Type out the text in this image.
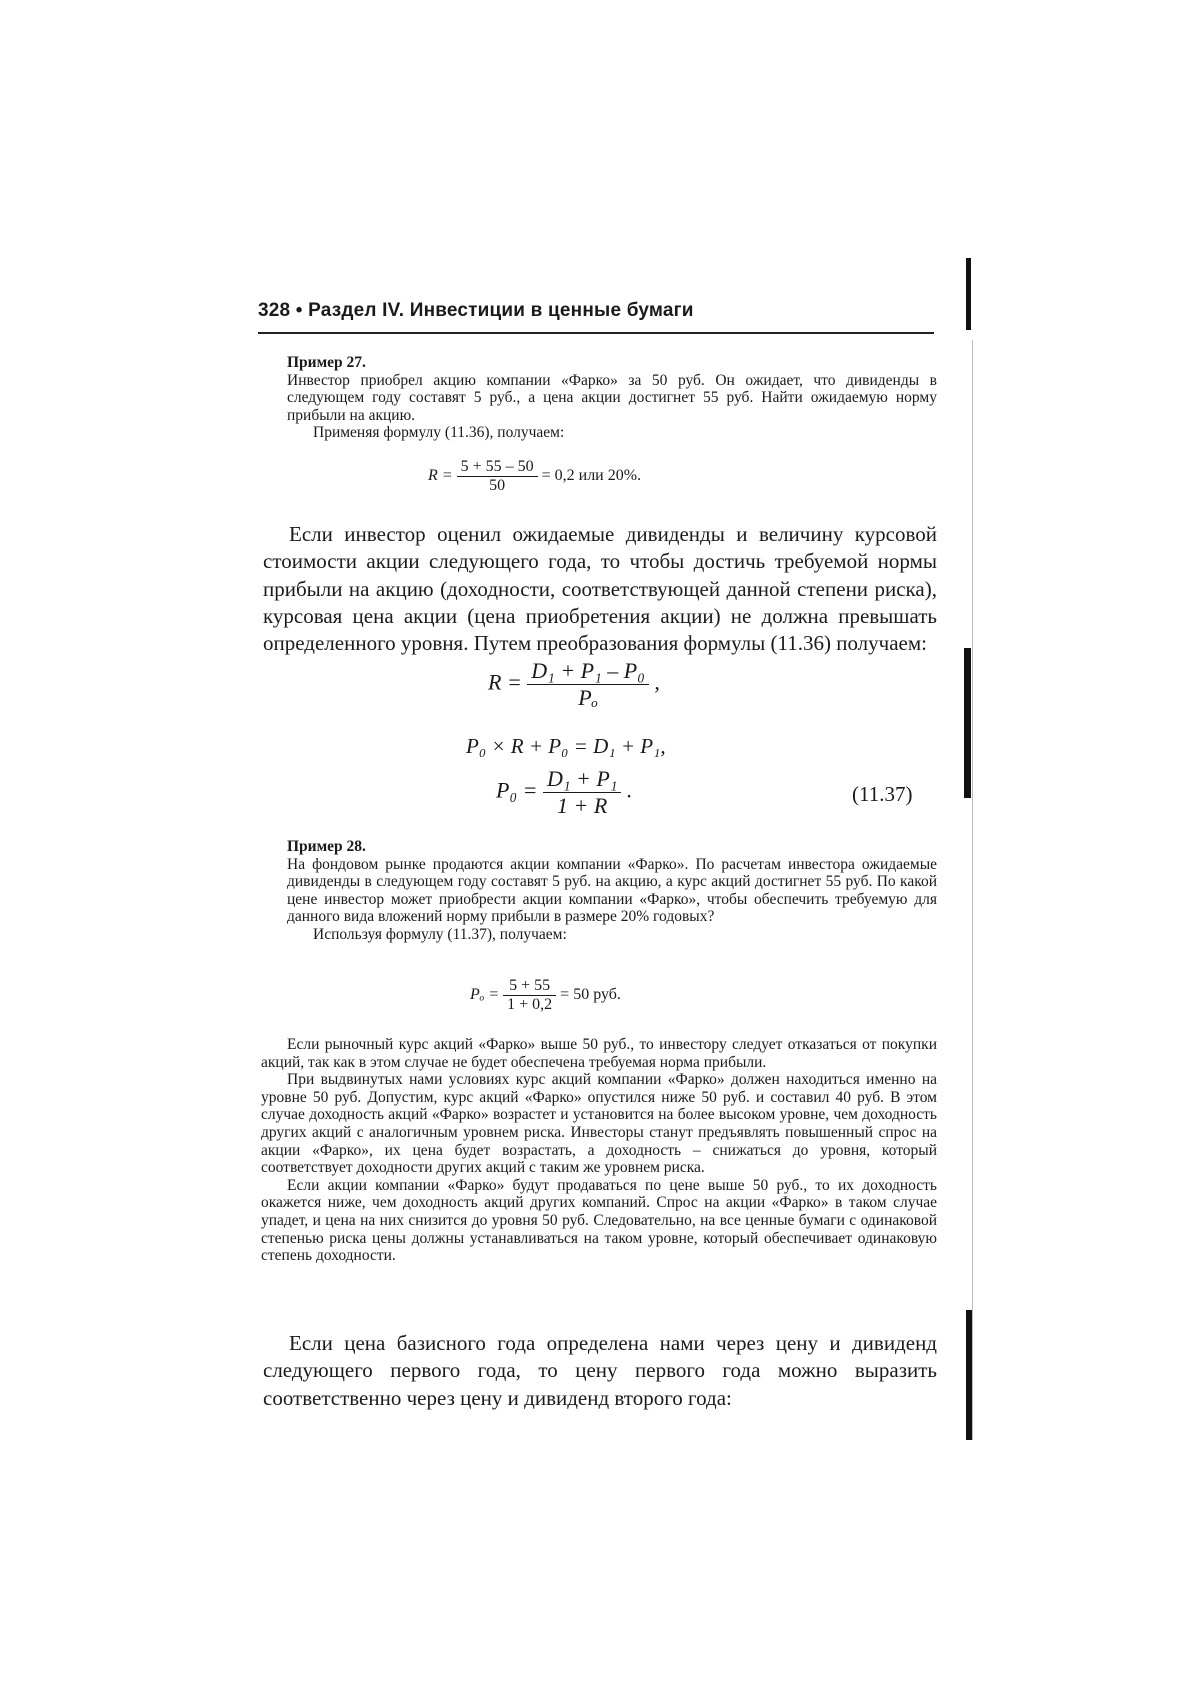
328 • Раздел IV. Инвестиции в ценные бумаги

Пример 27.

Инвестор приобрел акцию компании «Фарко» за 50 руб. Он ожидает, что дивиденды в следующем году составят 5 руб., а цена акции достигнет 55 руб. Найти ожидаемую норму прибыли на акцию.

Применяя формулу (11.36), получаем:

$R = \frac{5 + 55 - 50}{50} = 0,2$ или 20%.

Если инвестор оценил ожидаемые дивиденды и величину курсовой стоимости акции следующего года, то чтобы достичь требуемой нормы прибыли на акцию (доходности, соответствующей данной степени риска), курсовая цена акции (цена приобретения акции) не должна превышать определенного уровня. Путем преобразования формулы (11.36) получаем:

$R = \frac{\text{D₁ + P₁ – P₀}}{\text{Pₒ}}$ ,
P₀ × R + P₀ = D₁ + P₁,
$P_0 = \frac{\text{D₁ + P₁}}{1 + R}$ .	(11.37)

Пример 28.

На фондовом рынке продаются акции компании «Фарко». По расчетам инвестора ожидаемые дивиденды в следующем году составят 5 руб. на акцию, а курс акций достигнет 55 руб. По какой цене инвестор может приобрести акции компании «Фарко», чтобы обеспечить требуемую для данного вида вложений норму прибыли в размере 20% годовых?

Используя формулу (11.37), получаем:

$P_o = \frac{5 + 55}{1 + 0,2} = 50$ руб.

Если рыночный курс акций «Фарко» выше 50 руб., то инвестору следует отказаться от покупки акций, так как в этом случае не будет обеспечена требуемая норма прибыли.

При выдвинутых нами условиях курс акций компании «Фарко» должен находиться именно на уровне 50 руб. Допустим, курс акций «Фарко» опустился ниже 50 руб. и составил 40 руб. В этом случае доходность акций «Фарко» возрастет и установится на более высоком уровне, чем доходность других акций с аналогичным уровнем риска. Инвесторы станут предъявлять повышенный спрос на акции «Фарко», их цена будет возрастать, а доходность – снижаться до уровня, который соответствует доходности других акций с таким же уровнем риска.

Если акции компании «Фарко» будут продаваться по цене выше 50 руб., то их доходность окажется ниже, чем доходность акций других компаний. Спрос на акции «Фарко» в таком случае упадет, и цена на них снизится до уровня 50 руб. Следовательно, на все ценные бумаги с одинаковой степенью риска цены должны устанавливаться на таком уровне, который обеспечивает одинаковую степень доходности.

Если цена базисного года определена нами через цену и дивиденд следующего первого года, то цену первого года можно выразить соответственно через цену и дивиденд второго года:
